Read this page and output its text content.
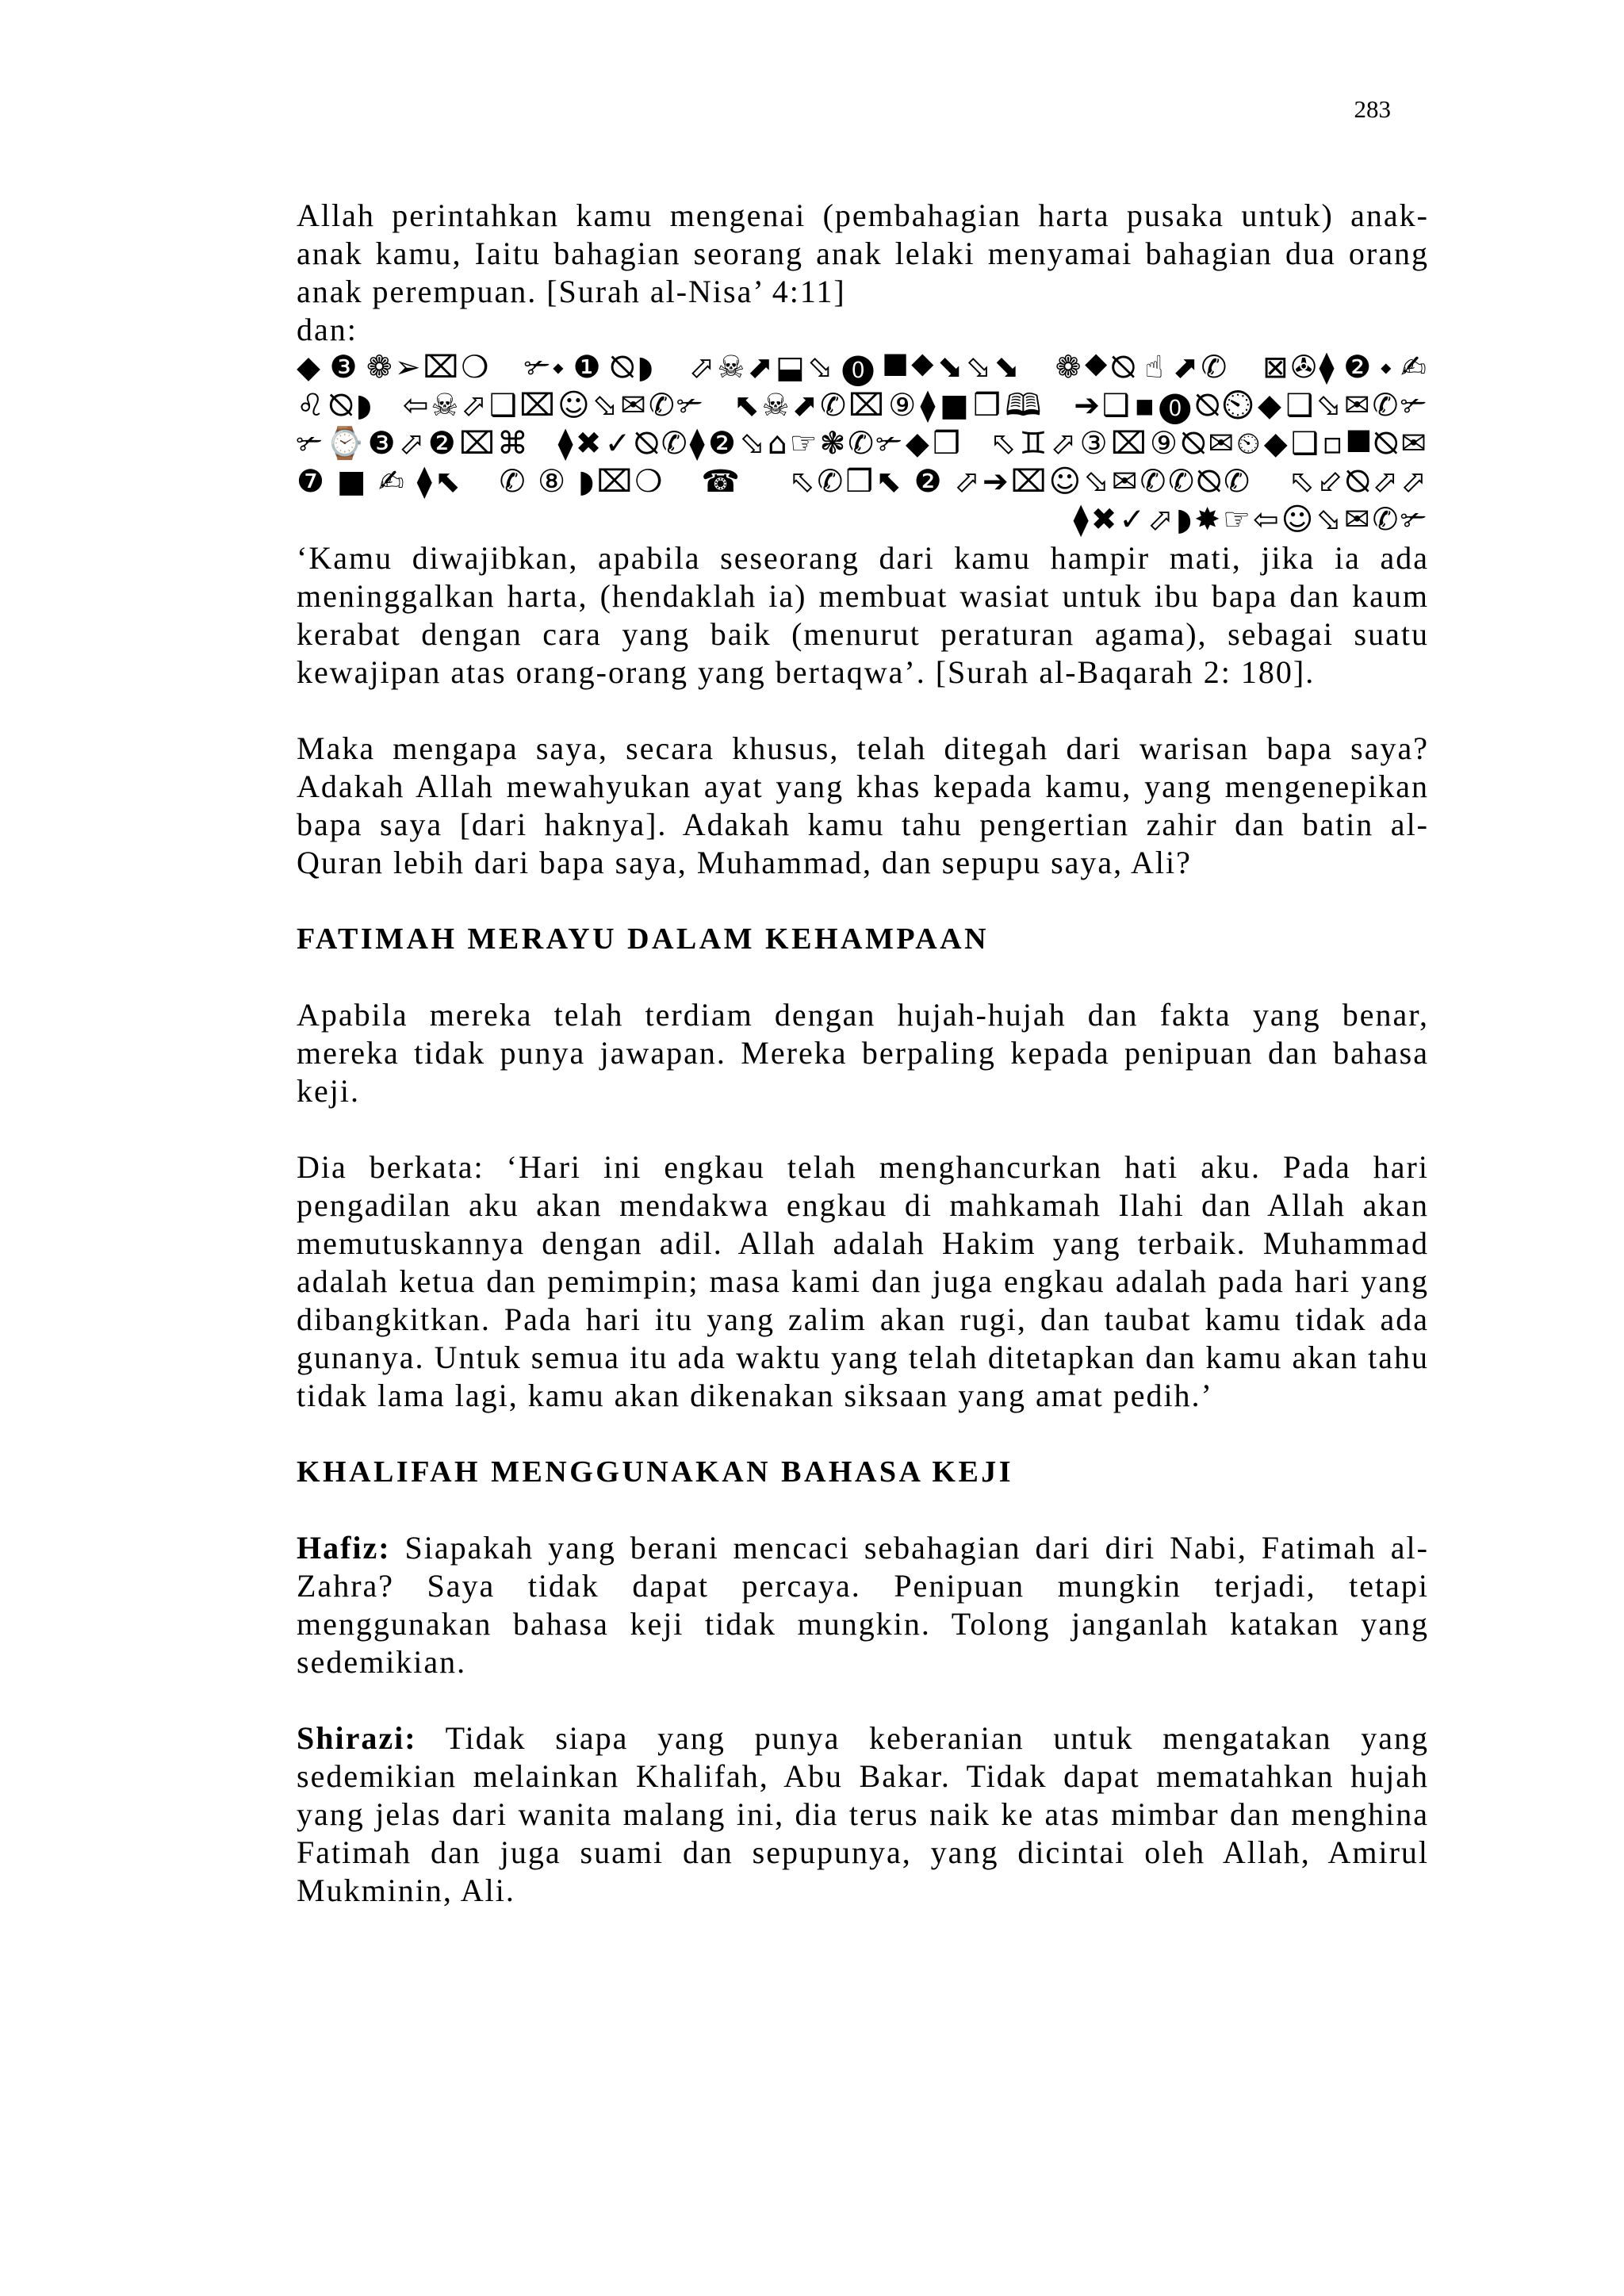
283

Allah perintahkan kamu mengenai (pembahagian harta pusaka untuk) anak-anak kamu, Iaitu bahagian seorang anak lelaki menyamai bahagian dua orang anak perempuan. [Surah al-Nisa’ 4:11]

dan:

◆❸❁➢⌧❍ ✃⬩❶⦰◗ ⬀☠⬈⬓⬂⓿⯀⯁⬊⬂⬊ ❁⯁⦰☝⬈✆ ⊠✇⧫❷⬩✍ ♌⦰◗ ⇦☠⬀❑⌧☺⬂✉✆✃ ⬉☠⬈✆⌧⑨⧫■❒🕮 ➔❑▪⓿⦰⏲◆❑⬂✉✆✃ ✃⌚❸⬀❷⌧⌘ ⧫✖✓⦰✆⧫❷⬂⌂☞❃✆✃◆❒ ⬁♊⬀③⌧⑨⦰✉⏲◆❑▫⯀⦰✉ ❼■✍⧫⬉ ✆⑧◗⌧❍ ☎ ⬁✆❒⬉❷⬀➔⌧☺⬂✉✆✆⦰✆ ⬁⬃⦰⬀⬀ ⧫✖✓⬀◗✸☞⇦☺⬂✉✆✃

‘Kamu diwajibkan, apabila seseorang dari kamu hampir mati, jika ia ada meninggalkan harta, (hendaklah ia) membuat wasiat untuk ibu bapa dan kaum kerabat dengan cara yang baik (menurut peraturan agama), sebagai suatu kewajipan atas orang-orang yang bertaqwa’. [Surah al-Baqarah 2: 180].

Maka mengapa saya, secara khusus, telah ditegah dari warisan bapa saya? Adakah Allah mewahyukan ayat yang khas kepada kamu, yang mengenepikan bapa saya [dari haknya]. Adakah kamu tahu pengertian zahir dan batin al-Quran lebih dari bapa saya, Muhammad, dan sepupu saya, Ali?

FATIMAH MERAYU DALAM KEHAMPAAN

Apabila mereka telah terdiam dengan hujah-hujah dan fakta yang benar, mereka tidak punya jawapan. Mereka berpaling kepada penipuan dan bahasa keji.

Dia berkata: ‘Hari ini engkau telah menghancurkan hati aku. Pada hari pengadilan aku akan mendakwa engkau di mahkamah Ilahi dan Allah akan memutuskannya dengan adil. Allah adalah Hakim yang terbaik. Muhammad adalah ketua dan pemimpin; masa kami dan juga engkau adalah pada hari yang dibangkitkan. Pada hari itu yang zalim akan rugi, dan taubat kamu tidak ada gunanya. Untuk semua itu ada waktu yang telah ditetapkan dan kamu akan tahu tidak lama lagi, kamu akan dikenakan siksaan yang amat pedih.’

KHALIFAH MENGGUNAKAN BAHASA KEJI

Hafiz: Siapakah yang berani mencaci sebahagian dari diri Nabi, Fatimah al-Zahra? Saya tidak dapat percaya. Penipuan mungkin terjadi, tetapi menggunakan bahasa keji tidak mungkin. Tolong janganlah katakan yang sedemikian.

Shirazi: Tidak siapa yang punya keberanian untuk mengatakan yang sedemikian melainkan Khalifah, Abu Bakar. Tidak dapat mematahkan hujah yang jelas dari wanita malang ini, dia terus naik ke atas mimbar dan menghina Fatimah dan juga suami dan sepupunya, yang dicintai oleh Allah, Amirul Mukminin, Ali.
